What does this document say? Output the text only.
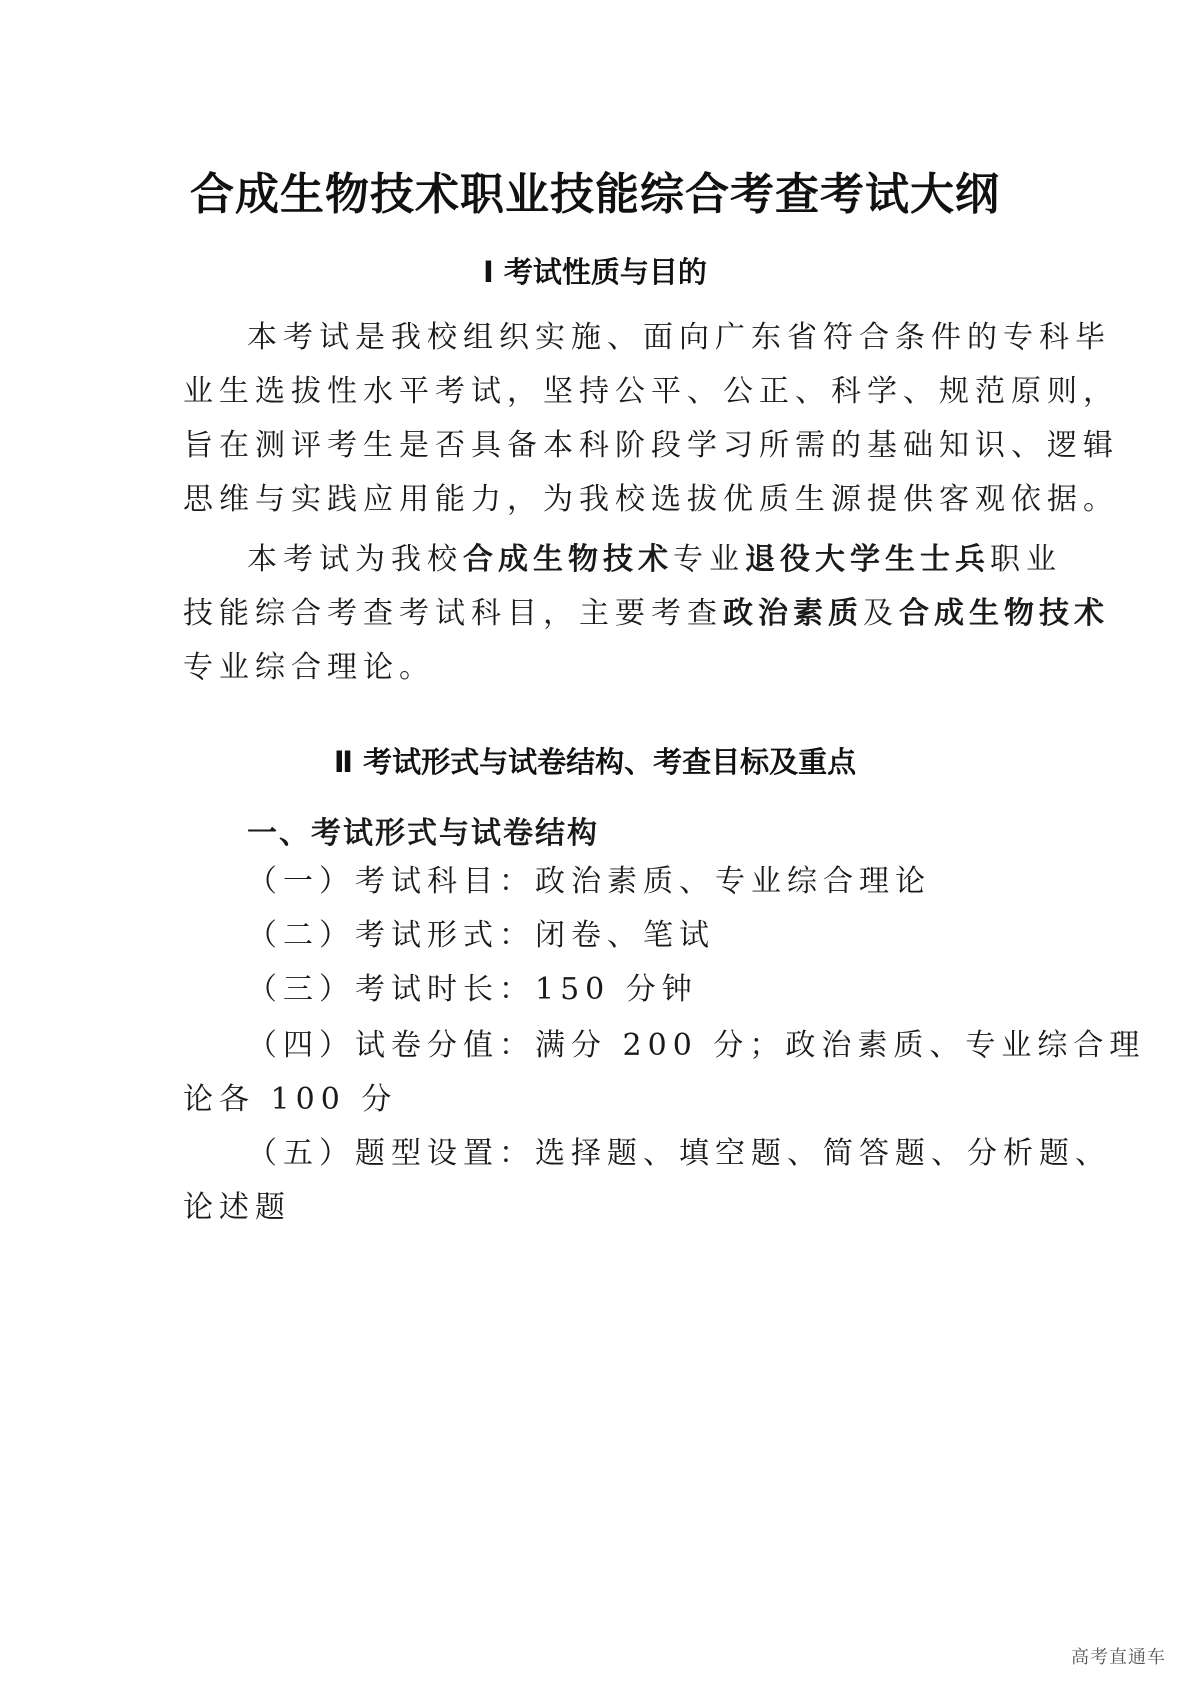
合成生物技术职业技能综合考查考试大纲
Ⅰ 考试性质与目的
本考试是我校组织实施、面向广东省符合条件的专科毕
业生选拔性水平考试，坚持公平、公正、科学、规范原则，
旨在测评考生是否具备本科阶段学习所需的基础知识、逻辑
思维与实践应用能力，为我校选拔优质生源提供客观依据。
本考试为我校合成生物技术专业退役大学生士兵职业
技能综合考查考试科目，主要考查政治素质及合成生物技术
专业综合理论。
Ⅱ 考试形式与试卷结构、考查目标及重点
一、考试形式与试卷结构
（一）考试科目：政治素质、专业综合理论
（二）考试形式：闭卷、笔试
（三）考试时长：150 分钟
（四）试卷分值：满分 200 分；政治素质、专业综合理
论各 100 分
（五）题型设置：选择题、填空题、简答题、分析题、
论述题
高考直通车
